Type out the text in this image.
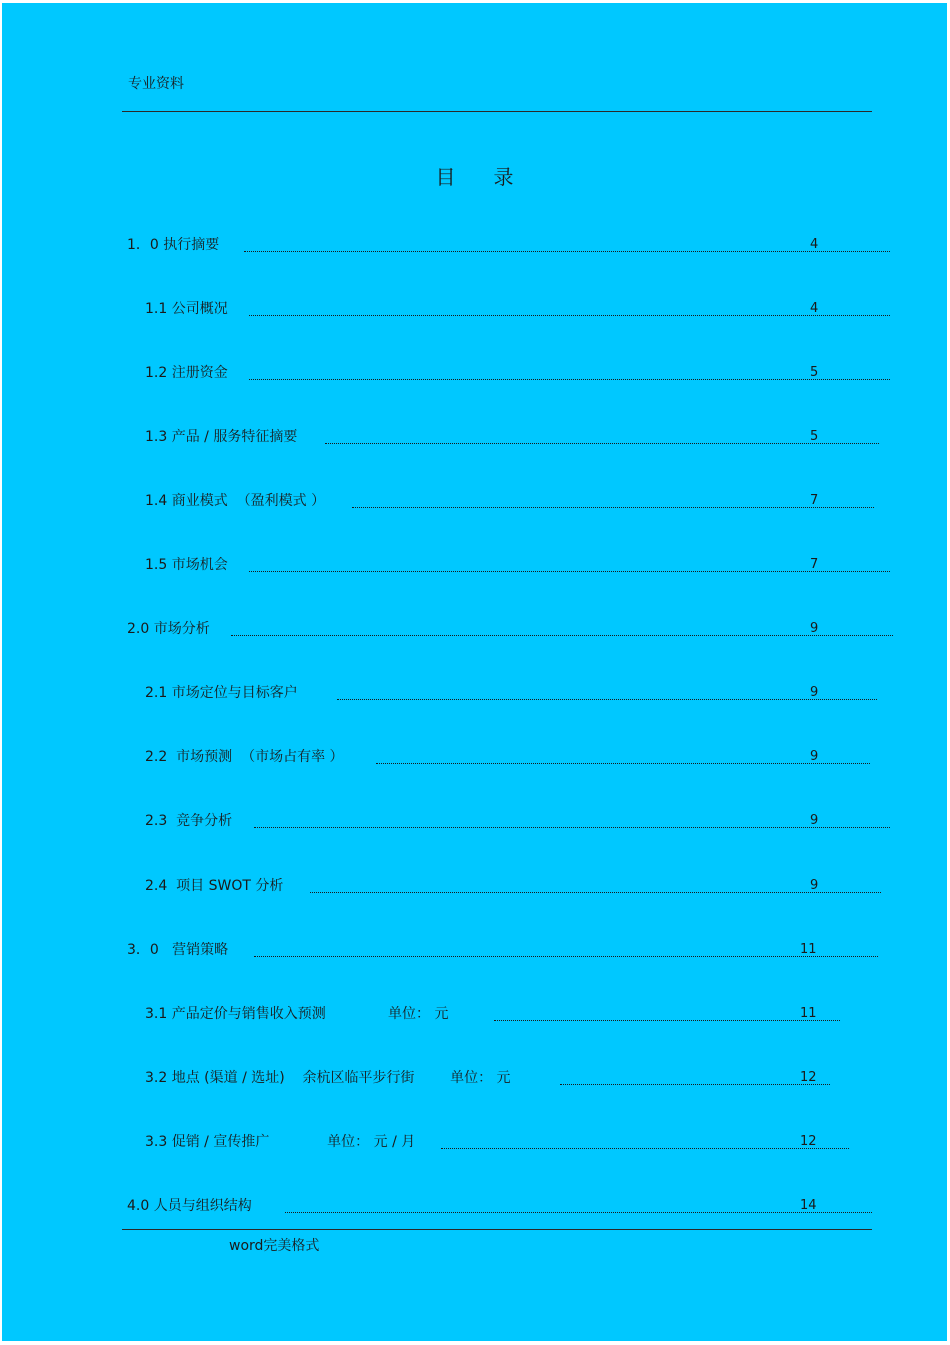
专业资料
目录
1．0 执行摘要	4
1.1 公司概况	4
1.2 注册资金	5
1.3 产品 / 服务特征摘要	5
1.4 商业模式  （盈利模式 ）	7
1.5 市场机会	7
2.0 市场分析	9
2.1 市场定位与目标客户	9
2.2  市场预测  （市场占有率 ）	9
2.3  竞争分析	9
2.4  项目 SWOT 分析	9
3．0   营销策略	11
3.1 产品定价与销售收入预测              单位： 元	11
3.2 地点 (渠道 / 选址)    余杭区临平步行街        单位： 元	12
3.3 促销 / 宣传推广             单位： 元 / 月	12
4.0 人员与组织结构	14
word完美格式
